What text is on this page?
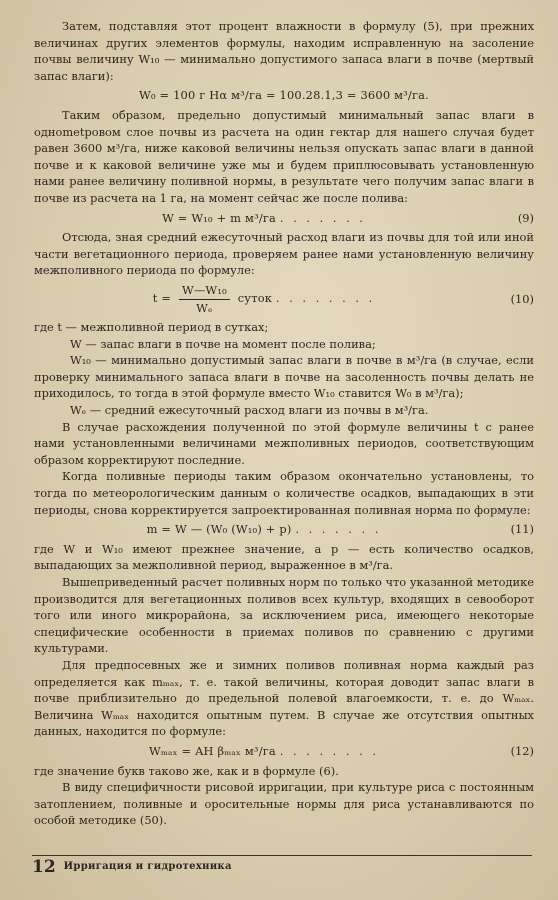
Затем, подставляя этот процент влажности в формулу (5), при прежних величинах других элементов формулы, находим исправленную на засоление почвы величину W₁₀ — минимально допустимого запаса влаги в почве (мертвый запас влаги):

W₀ = 100 г Hα м³/га = 100.28.1,3 = 3600 м³/га.

Таким образом, предельно допустимый минимальный запас влаги в одноmetровом слое почвы из расчета на один гектар для нашего случая будет равен 3600 м³/га, ниже каковой величины нельзя опускать запас влаги в данной почве и к каковой величине уже мы и будем приплюсовывать установленную нами ранее величину поливной нормы, в результате чего получим запас влаги в почве из расчета на 1 га, на момент сейчас же после полива:

W = W₁₀ + m м³/га . . . . . . .	(9)

Отсюда, зная средний ежесуточный расход влаги из почвы для той или иной части вегетационного периода, проверяем ранее нами установленную величину межполивного периода по формуле:

$t = \frac{\text{W—W₁₀}}{\text{Wₑ}}$ суток . . . . . . . .	(10)

где t — межполивной период в сутках;

W — запас влаги в почве на момент после полива;

W₁₀ — минимально допустимый запас влаги в почве в м³/га (в случае, если проверку минимального запаса влаги в почве на засоленность почвы делать не приходилось, то тогда в этой формуле вместо W₁₀ ставится W₀ в м³/га);

Wₑ — средний ежесуточный расход влаги из почвы в м³/га.

В случае расхождения полученной по этой формуле величины t с ранее нами установленными величинами межполивных периодов, соответствующим образом корректируют последние.

Когда поливные периоды таким образом окончательно установлены, то тогда по метеорологическим данным о количестве осадков, выпадающих в эти периоды, снова корректируется запроектированная поливная норма по формуле:

m = W — (W₀ (W₁₀) + p) . . . . . . .	(11)

где W и W₁₀ имеют прежнее значение, а p — есть количество осадков, выпадающих за межполивной период, выраженное в м³/га.

Вышеприведенный расчет поливных норм по только что указанной методике производится для вегетационных поливов всех культур, входящих в севооборот того или иного микрорайона, за исключением риса, имеющего некоторые специфические особенности в приемах поливов по сравнению с другими культурами.

Для предпосевных же и зимних поливов поливная норма каждый раз определяется как mₘₐₓ, т. е. такой величины, которая доводит запас влаги в почве приблизительно до предельной полевой влагоемкости, т. е. до Wₘₐₓ. Величина Wₘₐₓ находится опытным путем. В случае же отсутствия опытных данных, находится по формуле:

Wₘₐₓ = AH βₘₐₓ м³/га . . . . . . . .	(12)

где значение букв таково же, как и в формуле (6).

В виду специфичности рисовой ирригации, при культуре риса с постоянным затоплением, поливные и оросительные нормы для риса устанавливаются по особой методике (50).

12 Ирригация и гидротехника
